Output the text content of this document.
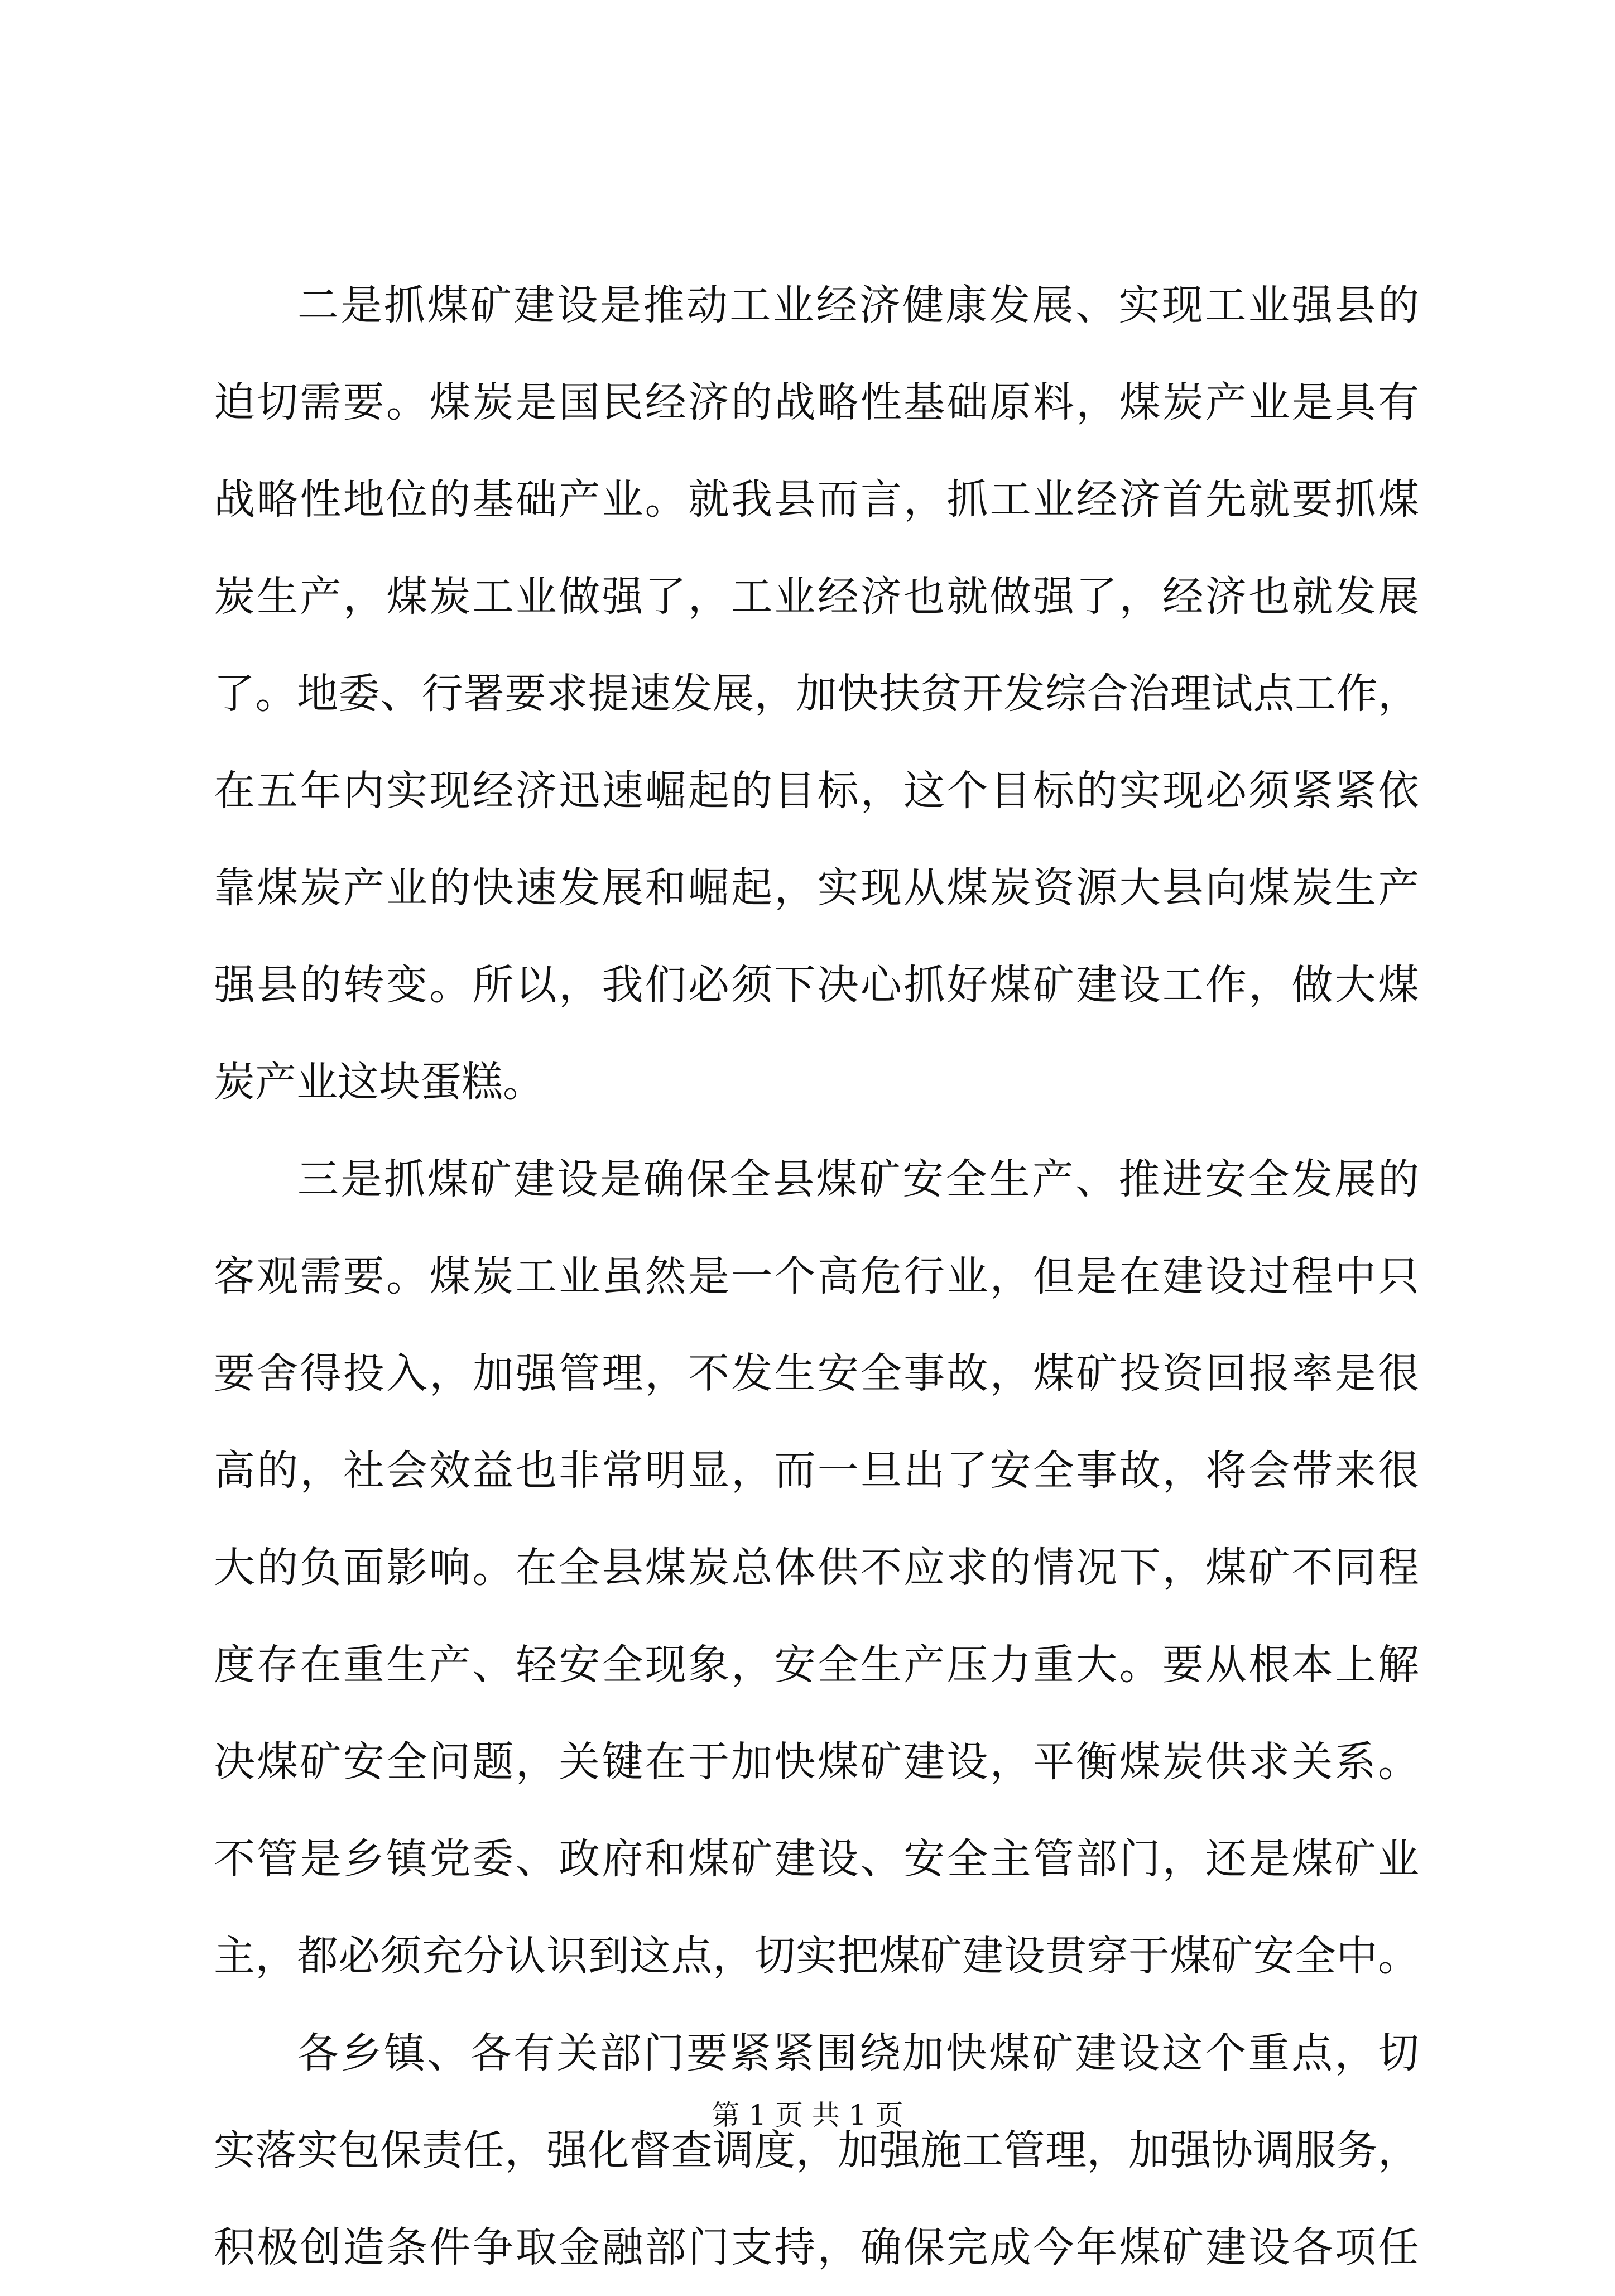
二是抓煤矿建设是推动工业经济健康发展、实现工业强县的
迫切需要。煤炭是国民经济的战略性基础原料，煤炭产业是具有
战略性地位的基础产业。就我县而言，抓工业经济首先就要抓煤
炭生产，煤炭工业做强了，工业经济也就做强了，经济也就发展
了。地委、行署要求提速发展，加快扶贫开发综合治理试点工作，
在五年内实现经济迅速崛起的目标，这个目标的实现必须紧紧依
靠煤炭产业的快速发展和崛起，实现从煤炭资源大县向煤炭生产
强县的转变。所以，我们必须下决心抓好煤矿建设工作，做大煤
炭产业这块蛋糕。
三是抓煤矿建设是确保全县煤矿安全生产、推进安全发展的
客观需要。煤炭工业虽然是一个高危行业，但是在建设过程中只
要舍得投入，加强管理，不发生安全事故，煤矿投资回报率是很
高的，社会效益也非常明显，而一旦出了安全事故，将会带来很
大的负面影响。在全县煤炭总体供不应求的情况下，煤矿不同程
度存在重生产、轻安全现象，安全生产压力重大。要从根本上解
决煤矿安全问题，关键在于加快煤矿建设，平衡煤炭供求关系。
不管是乡镇党委、政府和煤矿建设、安全主管部门，还是煤矿业
主，都必须充分认识到这点，切实把煤矿建设贯穿于煤矿安全中。
各乡镇、各有关部门要紧紧围绕加快煤矿建设这个重点，切
实落实包保责任，强化督查调度，加强施工管理，加强协调服务，
积极创造条件争取金融部门支持，确保完成今年煤矿建设各项任
第 1 页 共 1 页
